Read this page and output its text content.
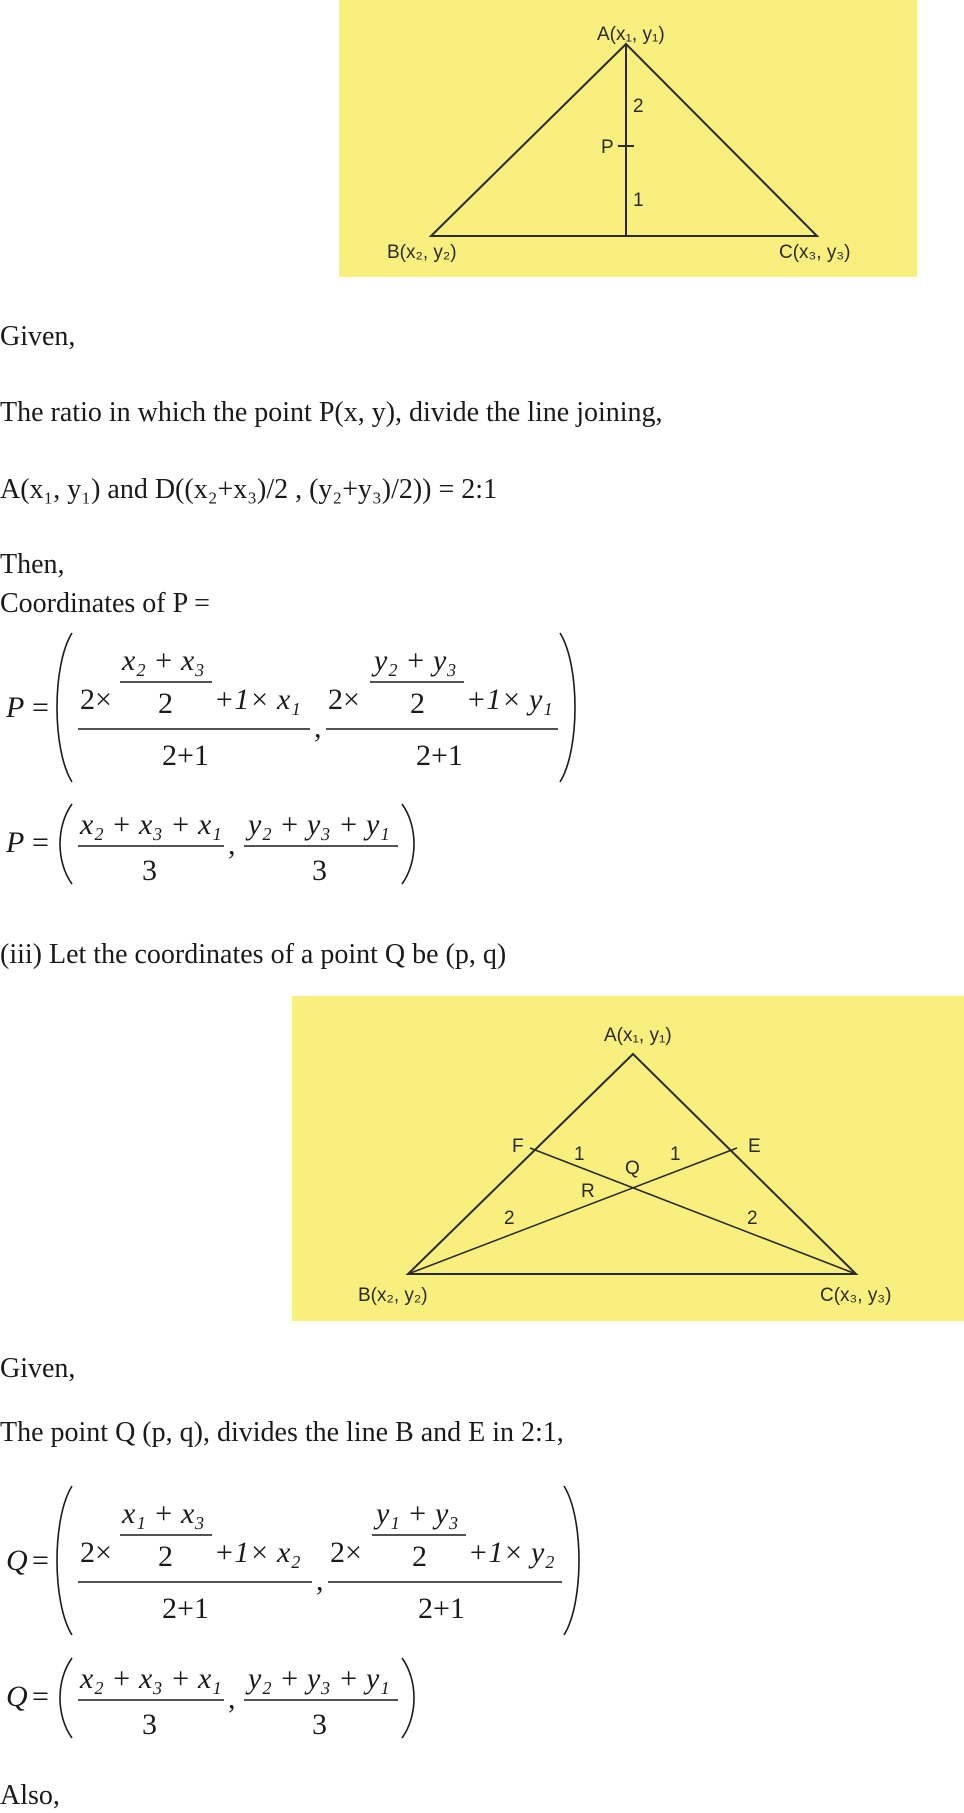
A(x₁, y₁)
B(x₂, y₂)	C(x₃, y₃)
P
2
1
Given,
The ratio in which the point P(x, y), divide the line joining,
A(x₁, y₁) and D((x₂+x₃)/2 , (y₂+y₃)/2)) = 2:1
Then,
Coordinates of P =
P = 2×
x₂ + x₃
2 +1× x₁
2+1
,
2×
y₂ + y₃
2 +1× y₁
2+1
P =
x₂ + x₃ + x₁
3
,
y₂ + y₃ + y₁
3
(iii) Let the coordinates of a point Q be (p, q)
A(x₁, y₁)
B(x₂, y₂)	C(x₃, y₃)
F	E
Q
R
1	1
2	2
Given,
The point Q (p, q), divides the line B and E in 2:1,
Q = 2×
x₁ + x₃
2 +1× x₂
2+1
,
2×
y₁ + y₃
2 +1× y₂
2+1
Q =
x₂ + x₃ + x₁
3
,
y₂ + y₃ + y₁
3
Also,
